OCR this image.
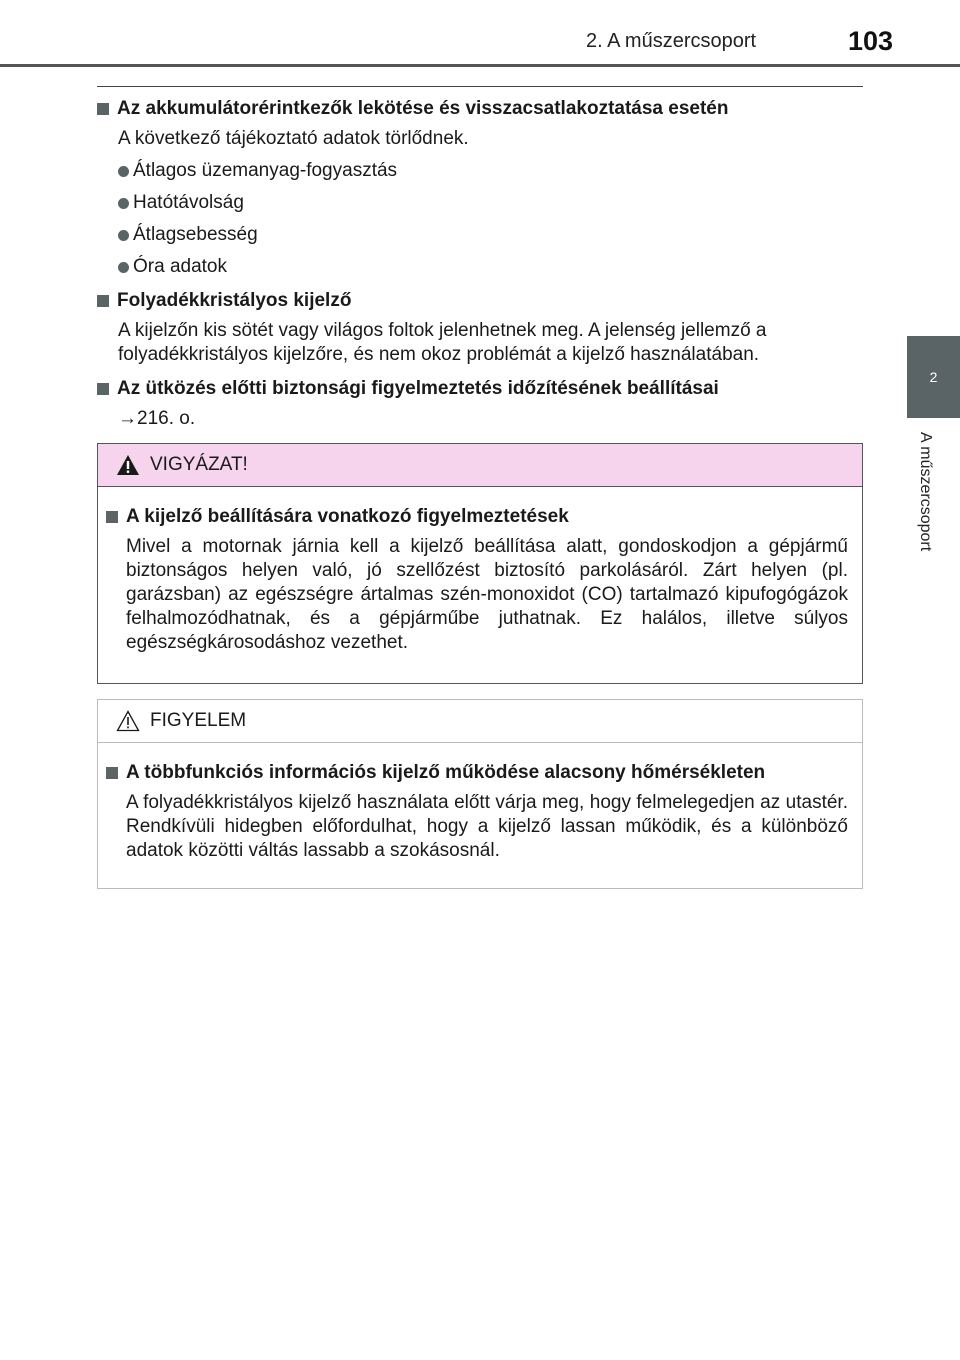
2. A műszercsoport	103
2
A műszercsoport
Az akkumulátorérintkezők lekötése és visszacsatlakoztatása esetén
A következő tájékoztató adatok törlődnek.
Átlagos üzemanyag-fogyasztás
Hatótávolság
Átlagsebesség
Óra adatok
Folyadékkristályos kijelző
A kijelzőn kis sötét vagy világos foltok jelenhetnek meg. A jelenség jellemző a folyadékkristályos kijelzőre, és nem okoz problémát a kijelző használatában.
Az ütközés előtti biztonsági figyelmeztetés időzítésének beállításai
→216. o.
VIGYÁZAT!
A kijelző beállítására vonatkozó figyelmeztetések
Mivel a motornak járnia kell a kijelző beállítása alatt, gondoskodjon a gépjármű biztonságos helyen való, jó szellőzést biztosító parkolásáról. Zárt helyen (pl. garázsban) az egészségre ártalmas szén-monoxidot (CO) tartalmazó kipufogógázok felhalmozódhatnak, és a gépjárműbe juthatnak. Ez halálos, illetve súlyos egészségkárosodáshoz vezethet.
FIGYELEM
A többfunkciós információs kijelző működése alacsony hőmérsékleten
A folyadékkristályos kijelző használata előtt várja meg, hogy felmelegedjen az utastér. Rendkívüli hidegben előfordulhat, hogy a kijelző lassan működik, és a különböző adatok közötti váltás lassabb a szokásosnál.
